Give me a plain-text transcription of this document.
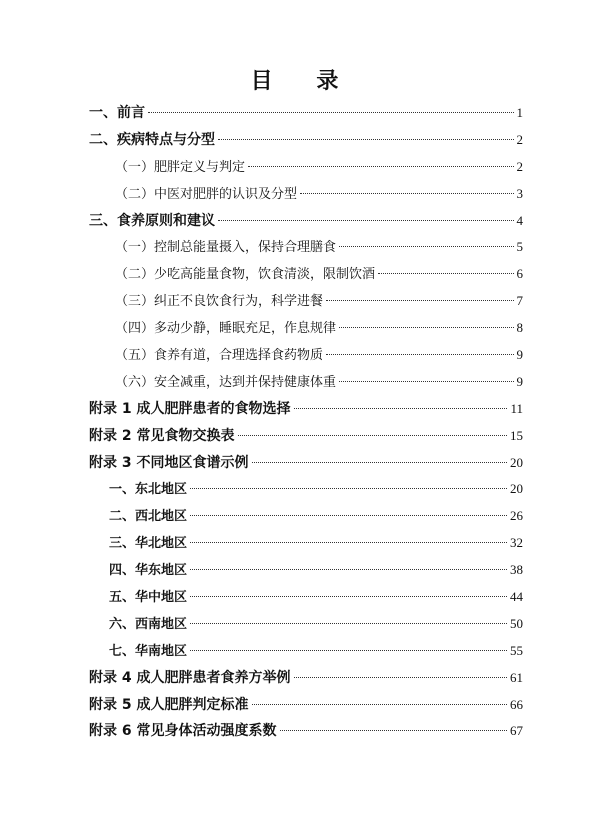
目 录
一、前言	1
二、疾病特点与分型	2
（一）肥胖定义与判定	2
（二）中医对肥胖的认识及分型	3
三、食养原则和建议	4
（一）控制总能量摄入，保持合理膳食	5
（二）少吃高能量食物，饮食清淡，限制饮酒	6
（三）纠正不良饮食行为，科学进餐	7
（四）多动少静，睡眠充足，作息规律	8
（五）食养有道，合理选择食药物质	9
（六）安全减重，达到并保持健康体重	9
附录 1 成人肥胖患者的食物选择	11
附录 2 常见食物交换表	15
附录 3 不同地区食谱示例	20
一、东北地区	20
二、西北地区	26
三、华北地区	32
四、华东地区	38
五、华中地区	44
六、西南地区	50
七、华南地区	55
附录 4 成人肥胖患者食养方举例	61
附录 5 成人肥胖判定标准	66
附录 6 常见身体活动强度系数	67
